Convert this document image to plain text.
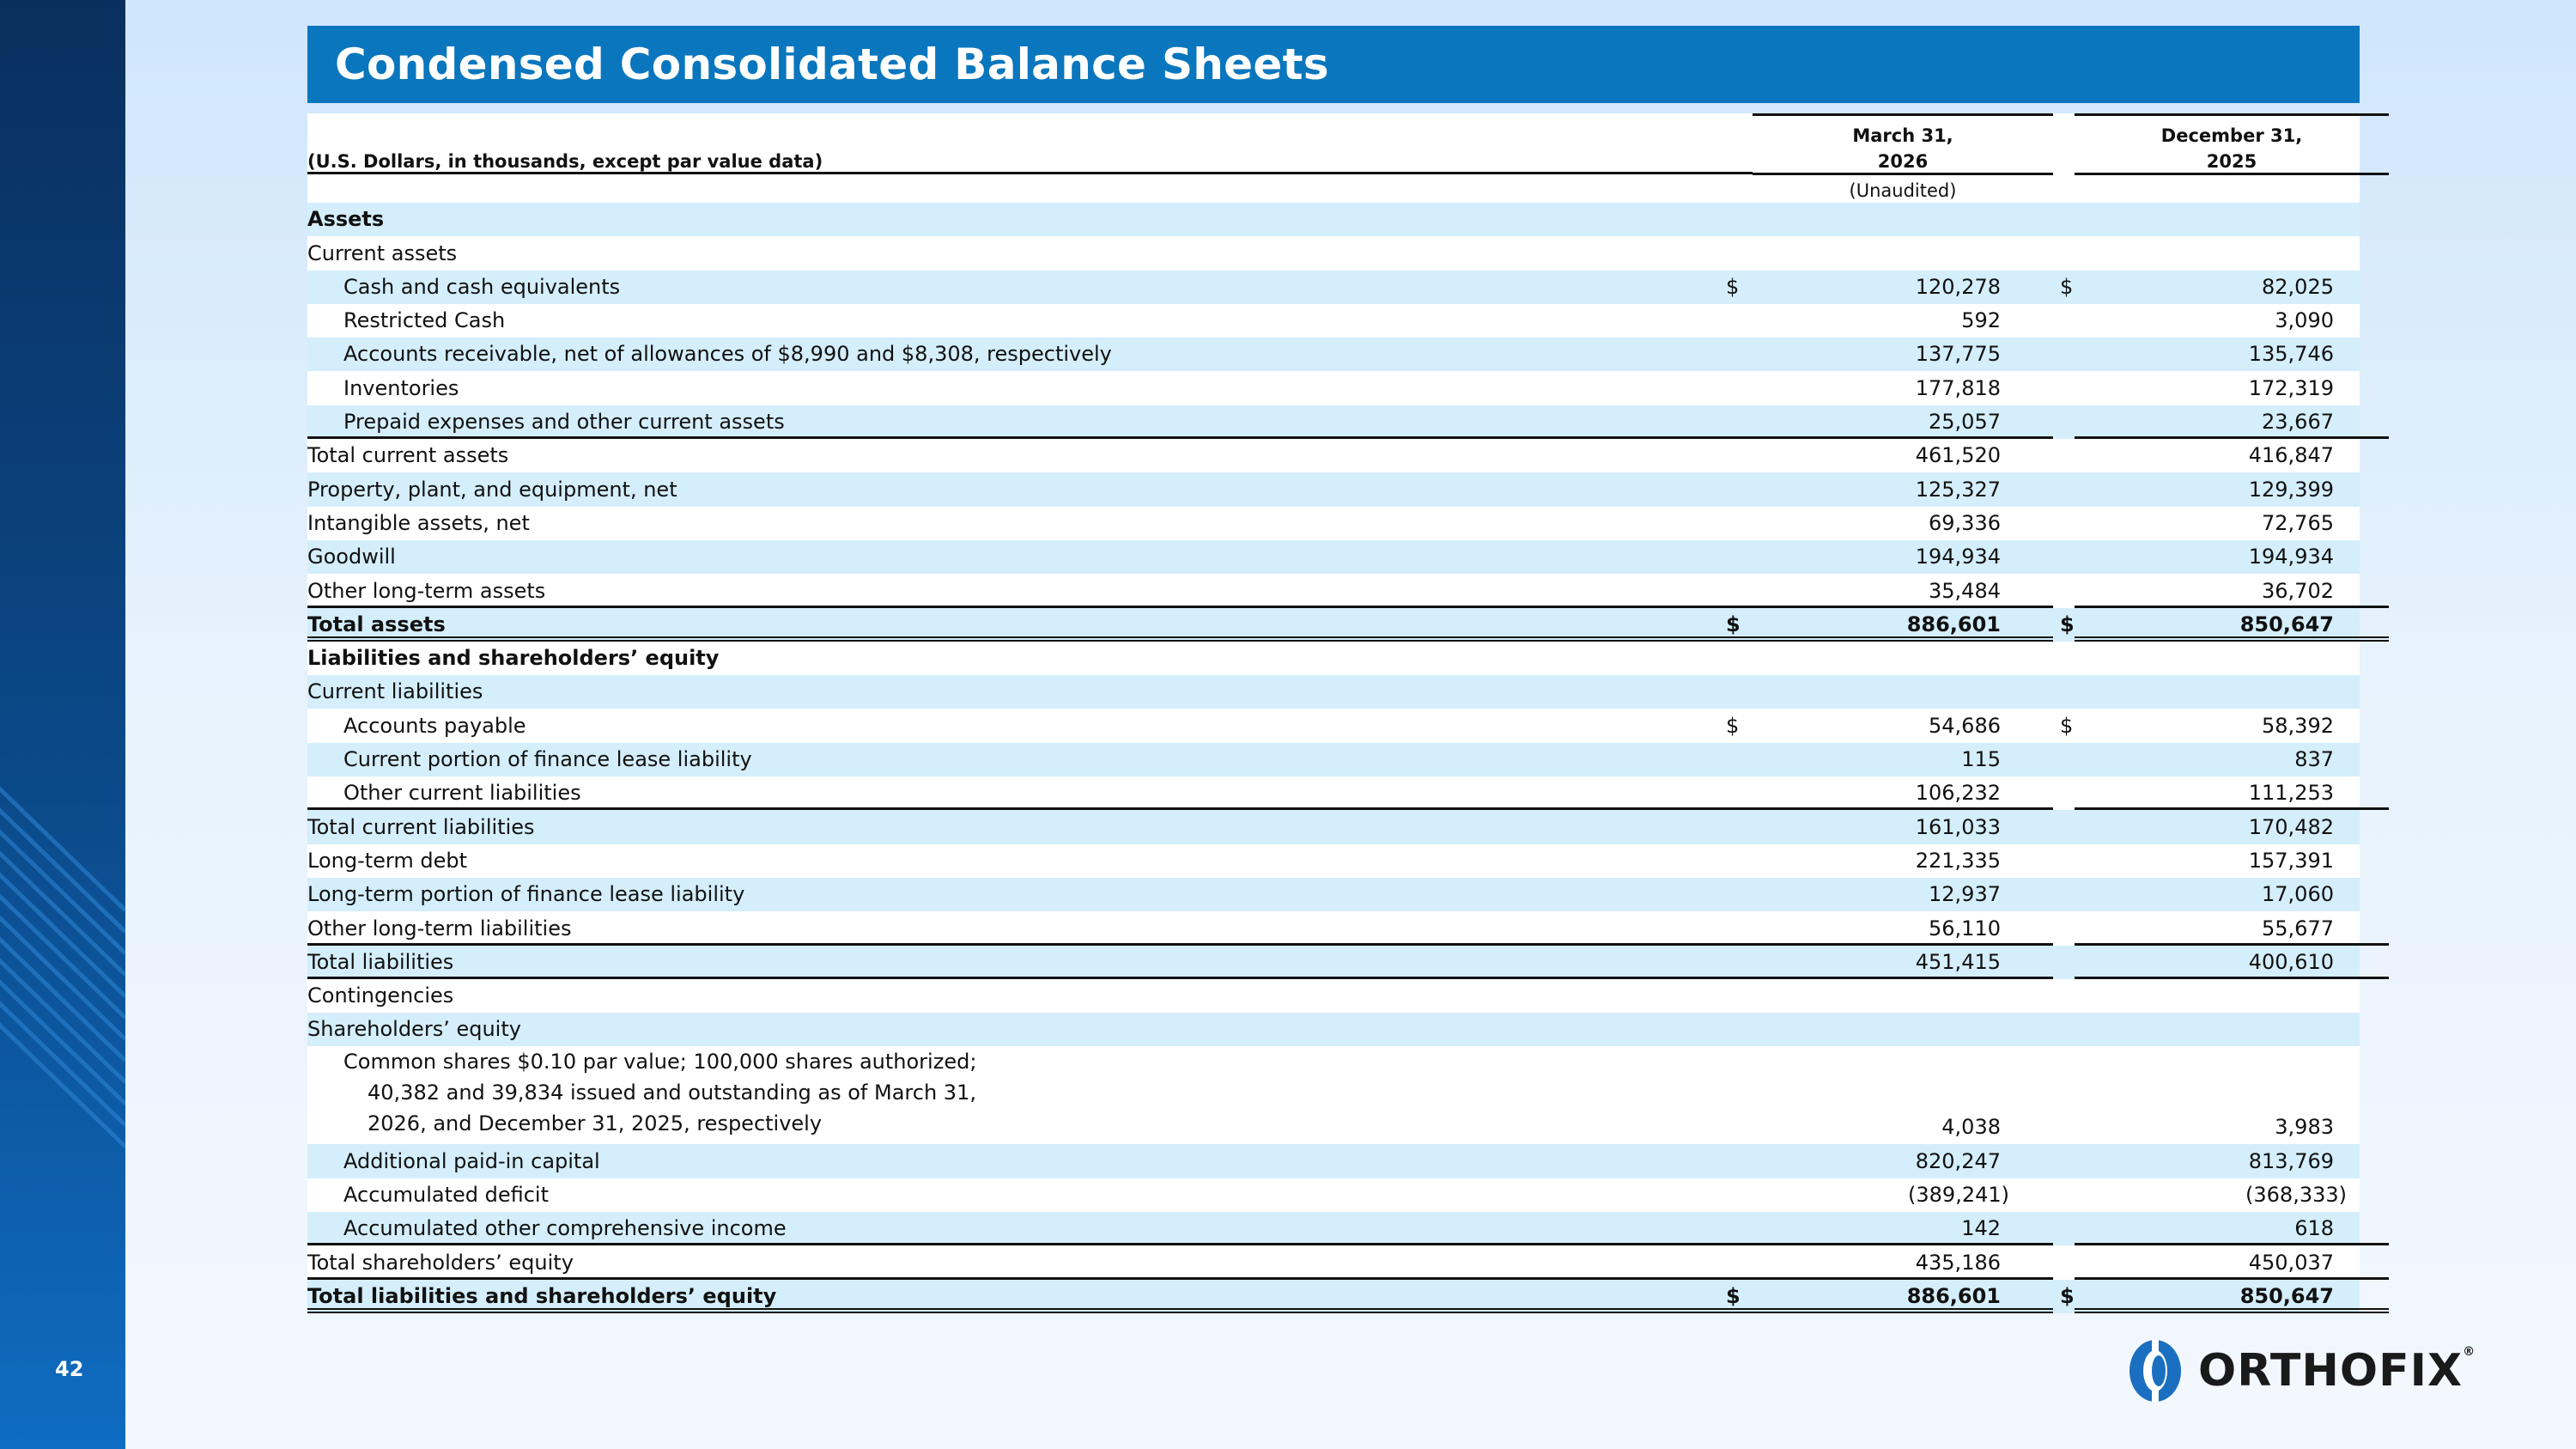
42
Condensed Consolidated Balance Sheets
(U.S. Dollars, in thousands, except par value data)
March 31,
2026
December 31,
2025
(Unaudited)
Assets
Current assets
Cash and cash equivalents	$	120,278	$	82,025
Restricted Cash	592	3,090
Accounts receivable, net of allowances of $8,990 and $8,308, respectively	137,775	135,746
Inventories	177,818	172,319
Prepaid expenses and other current assets	25,057	23,667
Total current assets	461,520	416,847
Property, plant, and equipment, net	125,327	129,399
Intangible assets, net	69,336	72,765
Goodwill	194,934	194,934
Other long-term assets	35,484	36,702
Total assets	$	886,601	$	850,647
Liabilities and shareholders’ equity
Current liabilities
Accounts payable	$	54,686	$	58,392
Current portion of finance lease liability	115	837
Other current liabilities	106,232	111,253
Total current liabilities	161,033	170,482
Long-term debt	221,335	157,391
Long-term portion of finance lease liability	12,937	17,060
Other long-term liabilities	56,110	55,677
Total liabilities	451,415	400,610
Contingencies
Shareholders’ equity
Common shares $0.10 par value; 100,000 shares authorized;
40,382 and 39,834 issued and outstanding as of March 31,
2026, and December 31, 2025, respectively	4,038	3,983
Additional paid-in capital	820,247	813,769
Accumulated deficit	(389,241)	(368,333)
Accumulated other comprehensive income	142	618
Total shareholders’ equity	435,186	450,037
Total liabilities and shareholders’ equity	$	886,601	$	850,647
ORTHOFIX®
